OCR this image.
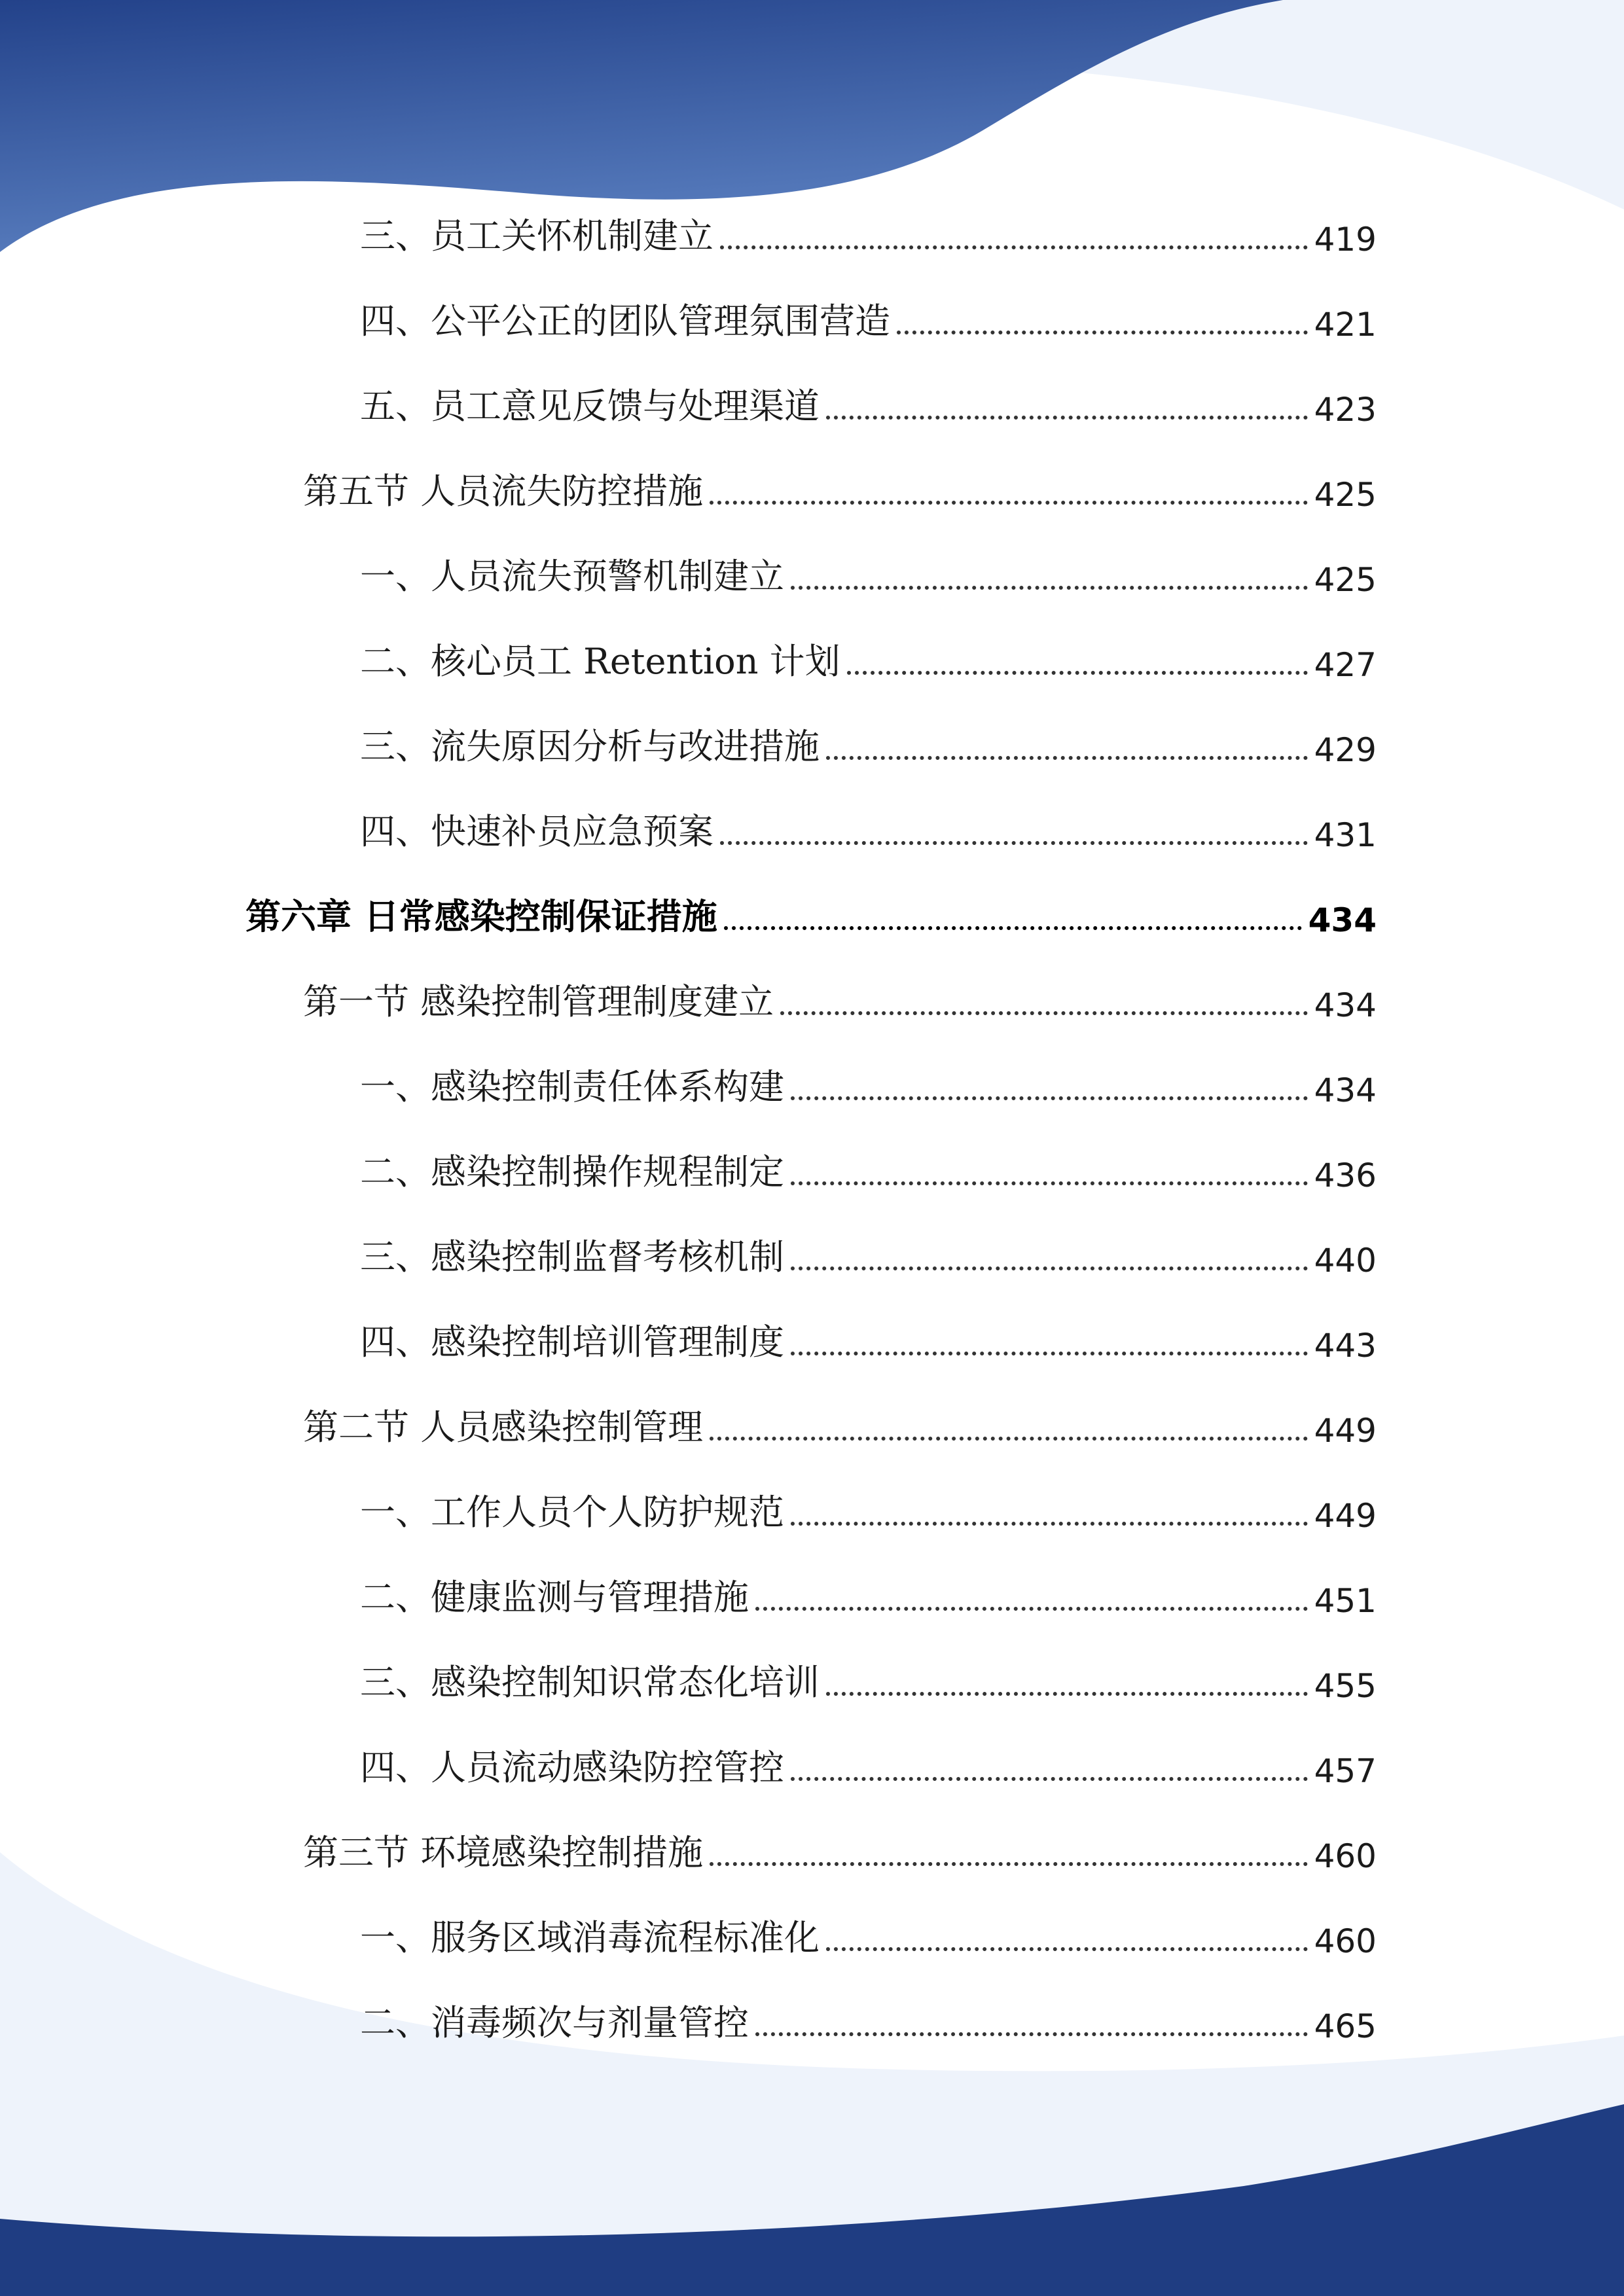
三、员工关怀机制建立	419
四、公平公正的团队管理氛围营造	421
五、员工意见反馈与处理渠道	423
第五节 人员流失防控措施	425
一、人员流失预警机制建立	425
二、核心员工 Retention 计划	427
三、流失原因分析与改进措施	429
四、快速补员应急预案	431
第六章 日常感染控制保证措施	434
第一节 感染控制管理制度建立	434
一、感染控制责任体系构建	434
二、感染控制操作规程制定	436
三、感染控制监督考核机制	440
四、感染控制培训管理制度	443
第二节 人员感染控制管理	449
一、工作人员个人防护规范	449
二、健康监测与管理措施	451
三、感染控制知识常态化培训	455
四、人员流动感染防控管控	457
第三节 环境感染控制措施	460
一、服务区域消毒流程标准化	460
二、消毒频次与剂量管控	465
